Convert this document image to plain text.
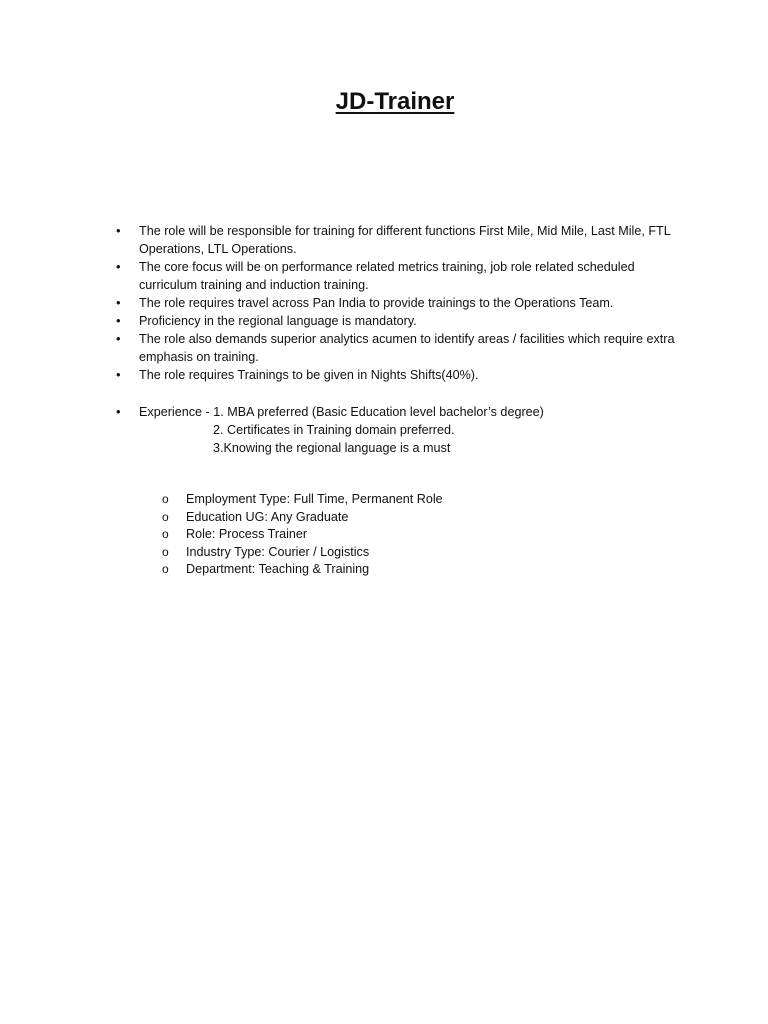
JD-Trainer
•	The role will be responsible for training for different functions First Mile, Mid Mile, Last Mile, FTL Operations, LTL Operations.
•	The core focus will be on performance related metrics training, job role related scheduled curriculum training and induction training.
•	The role requires travel across Pan India to provide trainings to the Operations Team.
•	Proficiency in the regional language is mandatory.
•	The role also demands superior analytics acumen to identify areas / facilities which require extra emphasis on training.
•	The role requires Trainings to be given in Nights Shifts(40%).
• Experience - 1. MBA preferred (Basic Education level bachelor’s degree)
2. Certificates in Training domain preferred.
3.Knowing the regional language is a must
o Employment Type: Full Time, Permanent Role
o Education UG: Any Graduate
o Role: Process Trainer
o Industry Type: Courier / Logistics
o Department: Teaching & Training
